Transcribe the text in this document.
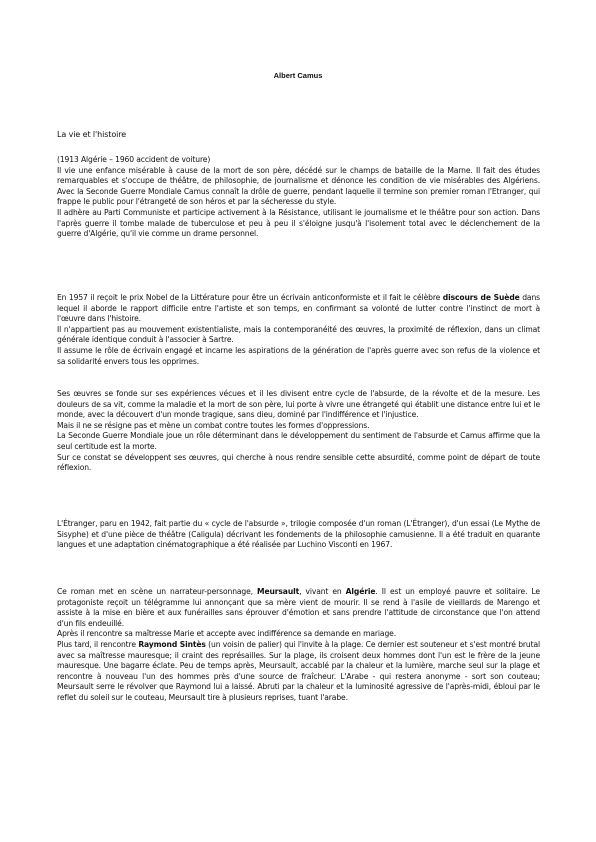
Albert Camus
La vie et l'histoire

(1913 Algérie – 1960 accident de voiture)

Il vie une enfance misérable à cause de la mort de son père, décédé sur le champs de bataille de la Marne. Il fait des études remarquables et s'occupe de théâtre, de philosophie, de journalisme et dénonce les condition de vie misérables des Algériens. Avec la Seconde Guerre Mondiale Camus connaît la drôle de guerre, pendant laquelle il termine son premier roman l'Etranger, qui frappe le public pour l'étrangeté de son héros et par la sécheresse du style.

Il adhère au Parti Communiste et participe activement à la Résistance, utilisant le journalisme et le théâtre pour son action. Dans l'après guerre il tombe malade de tuberculose et peu à peu il s'éloigne jusqu'à l'isolement total avec le déclenchement de la guerre d'Algérie, qu'il vie comme un drame personnel.

En 1957 il reçoit le prix Nobel de la Littérature pour être un écrivain anticonformiste et il fait le célèbre discours de Suède dans lequel il aborde le rapport difficile entre l'artiste et son temps, en confirmant sa volonté de lutter contre l'instinct de mort à l'œuvre dans l'histoire.

Il n'appartient pas au mouvement existentialiste, mais la contemporanéité des œuvres, la proximité de réflexion, dans un climat générale identique conduit à l'associer à Sartre.

Il assume le rôle de écrivain engagé et incarne les aspirations de la génération de l'après guerre avec son refus de la violence et sa solidarité envers tous les opprimes.

Ses œuvres se fonde sur ses expériences vécues et il les divisent entre cycle de l'absurde, de la révolte et de la mesure. Les douleurs de sa vit, comme la maladie et la mort de son père, lui porte à vivre une étrangeté qui établit une distance entre lui et le monde, avec la découvert d'un monde tragique, sans dieu, dominé par l'indifférence et l'injustice.

Mais il ne se résigne pas et mène un combat contre toutes les formes d'oppressions.

La Seconde Guerre Mondiale joue un rôle déterminant dans le développement du sentiment de l'absurde et Camus affirme que la seul certitude est la morte.

Sur ce constat se développent ses œuvres, qui cherche à nous rendre sensible cette absurdité, comme point de départ de toute réflexion.

L'Étranger, paru en 1942, fait partie du « cycle de l'absurde », trilogie composée d'un roman (L'Étranger), d'un essai (Le Mythe de Sisyphe) et d'une pièce de théâtre (Caligula) décrivant les fondements de la philosophie camusienne. Il a été traduit en quarante langues et une adaptation cinématographique a été réalisée par Luchino Visconti en 1967.

Ce roman met en scène un narrateur-personnage, Meursault, vivant en Algérie. Il est un employé pauvre et solitaire. Le protagoniste reçoit un télégramme lui annonçant que sa mère vient de mourir. Il se rend à l'asile de vieillards de Marengo et assiste à la mise en bière et aux funérailles sans éprouver d'émotion et sans prendre l'attitude de circonstance que l'on attend d'un fils endeuillé.

Après il rencontre sa maîtresse Marie et accepte avec indifférence sa demande en mariage.

Plus tard, il rencontre Raymond Sintès (un voisin de palier) qui l'invite à la plage. Ce dernier est souteneur et s'est montré brutal avec sa maîtresse mauresque; il craint des représailles. Sur la plage, ils croisent deux hommes dont l'un est le frère de la jeune mauresque. Une bagarre éclate. Peu de temps après, Meursault, accablé par la chaleur et la lumière, marche seul sur la plage et rencontre à nouveau l'un des hommes près d'une source de fraîcheur. L'Arabe - qui restera anonyme - sort son couteau; Meursault serre le révolver que Raymond lui a laissé. Abruti par la chaleur et la luminosité agressive de l'après-midi, ébloui par le reflet du soleil sur le couteau, Meursault tire à plusieurs reprises, tuant l'arabe.
